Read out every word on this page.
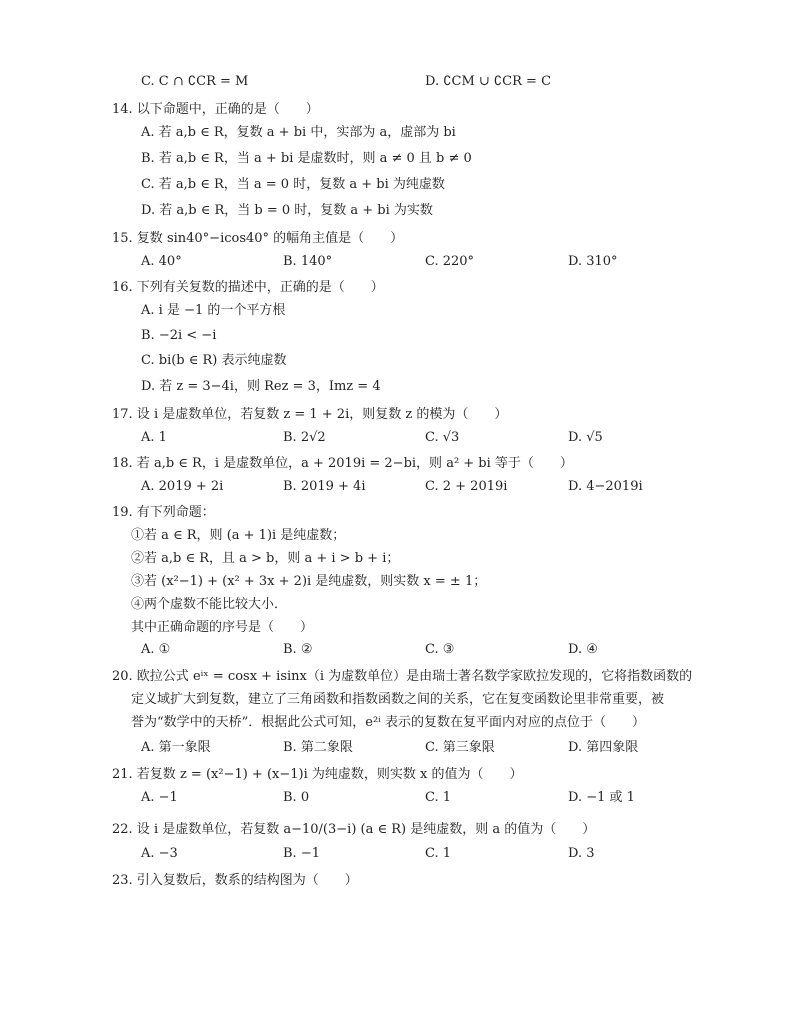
C. C ∩ ∁CR = M	D. ∁CM ∪ ∁CR = C
14. 以下命题中，正确的是（　　）
A. 若 a,b ∈ R，复数 a + bi 中，实部为 a，虚部为 bi
B. 若 a,b ∈ R，当 a + bi 是虚数时，则 a ≠ 0 且 b ≠ 0
C. 若 a,b ∈ R，当 a = 0 时，复数 a + bi 为纯虚数
D. 若 a,b ∈ R，当 b = 0 时，复数 a + bi 为实数
15. 复数 sin40°−icos40° 的幅角主值是（　　）
A. 40°	B. 140°	C. 220°	D. 310°
16. 下列有关复数的描述中，正确的是（　　）
A. i 是 −1 的一个平方根
B. −2i < −i
C. bi(b ∈ R) 表示纯虚数
D. 若 z = 3−4i，则 Rez = 3，Imz = 4
17. 设 i 是虚数单位，若复数 z = 1 + 2i，则复数 z 的模为（　　）
A. 1	B. 2√2	C. √3	D. √5
18. 若 a,b ∈ R，i 是虚数单位，a + 2019i = 2−bi，则 a² + bi 等于（　　）
A. 2019 + 2i	B. 2019 + 4i	C. 2 + 2019i	D. 4−2019i
19. 有下列命题：
①若 a ∈ R，则 (a + 1)i 是纯虚数；
②若 a,b ∈ R，且 a > b，则 a + i > b + i；
③若 (x²−1) + (x² + 3x + 2)i 是纯虚数，则实数 x = ± 1；
④两个虚数不能比较大小．
其中正确命题的序号是（　　）
A. ①	B. ②	C. ③	D. ④
20. 欧拉公式 eⁱˣ = cosx + isinx（i 为虚数单位）是由瑞士著名数学家欧拉发现的，它将指数函数的
定义域扩大到复数，建立了三角函数和指数函数之间的关系，它在复变函数论里非常重要，被
誉为“数学中的天桥”．根据此公式可知，e²ⁱ 表示的复数在复平面内对应的点位于（　　）
A. 第一象限	B. 第二象限	C. 第三象限	D. 第四象限
21. 若复数 z = (x²−1) + (x−1)i 为纯虚数，则实数 x 的值为（　　）
A. −1	B. 0	C. 1	D. −1 或 1
22. 设 i 是虚数单位，若复数 a−10/(3−i) (a ∈ R) 是纯虚数，则 a 的值为（　　）
A. −3	B. −1	C. 1	D. 3
23. 引入复数后，数系的结构图为（　　）
